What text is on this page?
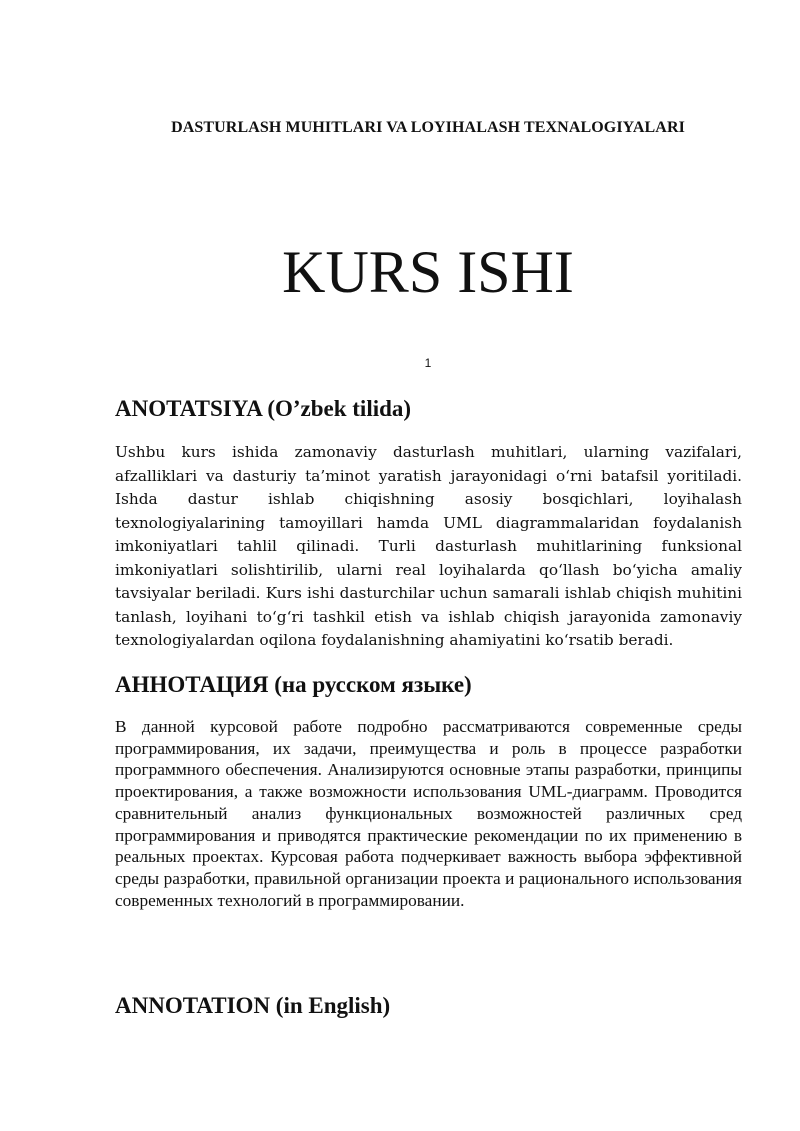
DASTURLASH MUHITLARI VA LOYIHALASH TEXNALOGIYALARI
KURS ISHI
1
ANOTATSIYA (O’zbek tilida)

Ushbu kurs ishida zamonaviy dasturlash muhitlari, ularning vazifalari, afzalliklari va dasturiy ta’minot yaratish jarayonidagi oʻrni batafsil yoritiladi. Ishda dastur ishlab chiqishning asosiy bosqichlari, loyihalash texnologiyalarining tamoyillari hamda UML diagrammalaridan foydalanish imkoniyatlari tahlil qilinadi. Turli dasturlash muhitlarining funksional imkoniyatlari solishtirilib, ularni real loyihalarda qoʻllash boʻyicha amaliy tavsiyalar beriladi. Kurs ishi dasturchilar uchun samarali ishlab chiqish muhitini tanlash, loyihani toʻgʻri tashkil etish va ishlab chiqish jarayonida zamonaviy texnologiyalardan oqilona foydalanishning ahamiyatini koʻrsatib beradi.

АННОТАЦИЯ (на русском языке)

В данной курсовой работе подробно рассматриваются современные среды программирования, их задачи, преимущества и роль в процессе разработки программного обеспечения. Анализируются основные этапы разработки, принципы проектирования, а также возможности использования UML-диаграмм. Проводится сравнительный анализ функциональных возможностей различных сред программирования и приводятся практические рекомендации по их применению в реальных проектах. Курсовая работа подчеркивает важность выбора эффективной среды разработки, правильной организации проекта и рационального использования современных технологий в программировании.

ANNOTATION (in English)
